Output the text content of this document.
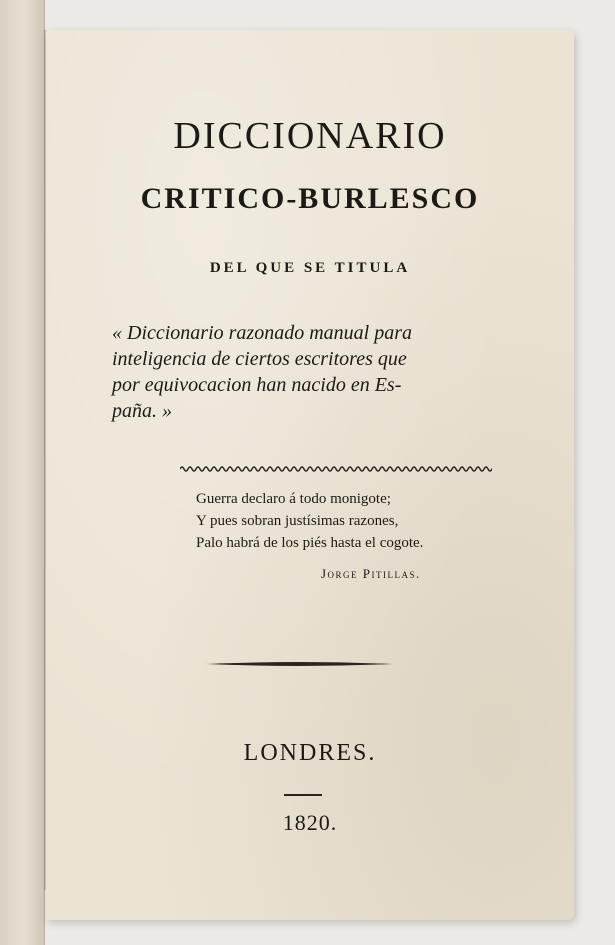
DICCIONARIO
CRITICO-BURLESCO
DEL QUE SE TITULA
« Diccionario razonado manual para
inteligencia de ciertos escritores que
por equivocacion han nacido en Es-
paña. »
Guerra declaro á todo monigote;
Y pues sobran justísimas razones,
Palo habrá de los piés hasta el cogote.
Jorge Pitillas.
LONDRES.
1820.
